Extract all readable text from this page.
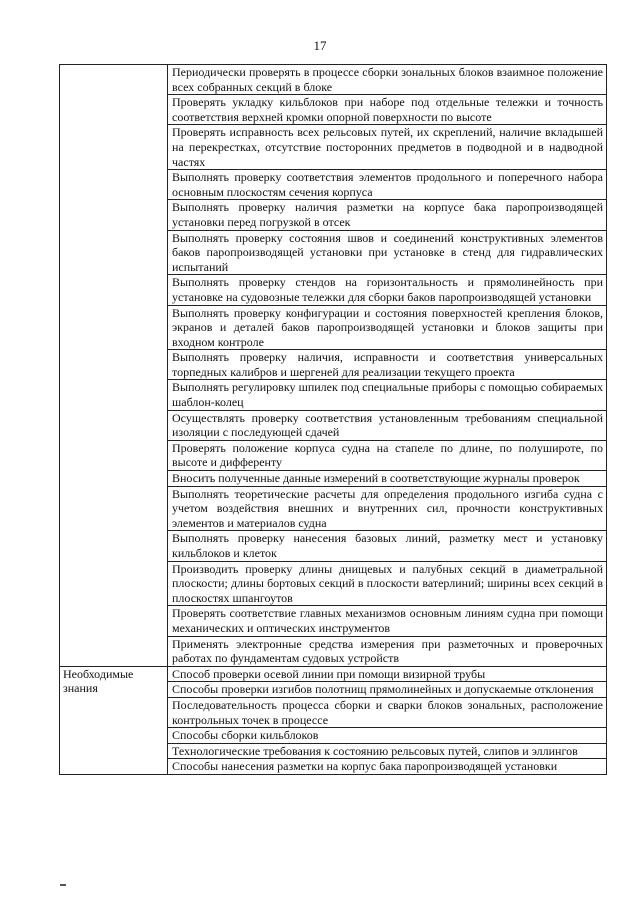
17
	Периодически проверять в процессе сборки зональных блоков взаимное положение всех собранных секций в блоке
	Проверять укладку кильблоков при наборе под отдельные тележки и точность соответствия верхней кромки опорной поверхности по высоте
	Проверять исправность всех рельсовых путей, их скреплений, наличие вкладышей на перекрестках, отсутствие посторонних предметов в подводной и в надводной частях
	Выполнять проверку соответствия элементов продольного и поперечного набора основным плоскостям сечения корпуса
	Выполнять проверку наличия разметки на корпусе бака паропроизводящей установки перед погрузкой в отсек
	Выполнять проверку состояния швов и соединений конструктивных элементов баков паропроизводящей установки при установке в стенд для гидравлических испытаний
	Выполнять проверку стендов на горизонтальность и прямолинейность при установке на судовозные тележки для сборки баков паропроизводящей установки
	Выполнять проверку конфигурации и состояния поверхностей крепления блоков, экранов и деталей баков паропроизводящей установки и блоков защиты при входном контроле
	Выполнять проверку наличия, исправности и соответствия универсальных торпедных калибров и шергеней для реализации текущего проекта
	Выполнять регулировку шпилек под специальные приборы с помощью собираемых шаблон-колец
	Осуществлять проверку соответствия установленным требованиям специальной изоляции с последующей сдачей
	Проверять положение корпуса судна на стапеле по длине, по полушироте, по высоте и дифференту
	Вносить полученные данные измерений в соответствующие журналы проверок
	Выполнять теоретические расчеты для определения продольного изгиба судна с учетом воздействия внешних и внутренних сил, прочности конструктивных элементов и материалов судна
	Выполнять проверку нанесения базовых линий, разметку мест и установку кильблоков и клеток
	Производить проверку длины днищевых и палубных секций в диаметральной плоскости; длины бортовых секций в плоскости ватерлиний; ширины всех секций в плоскостях шпангоутов
	Проверять соответствие главных механизмов основным линиям судна при помощи механических и оптических инструментов
	Применять электронные средства измерения при разметочных и проверочных работах по фундаментам судовых устройств
Необходимые знания	Способ проверки осевой линии при помощи визирной трубы
	Способы проверки изгибов полотнищ прямолинейных и допускаемые отклонения
	Последовательность процесса сборки и сварки блоков зональных, расположение контрольных точек в процессе
	Способы сборки кильблоков
	Технологические требования к состоянию рельсовых путей, слипов и эллингов
	Способы нанесения разметки на корпус бака паропроизводящей установки
